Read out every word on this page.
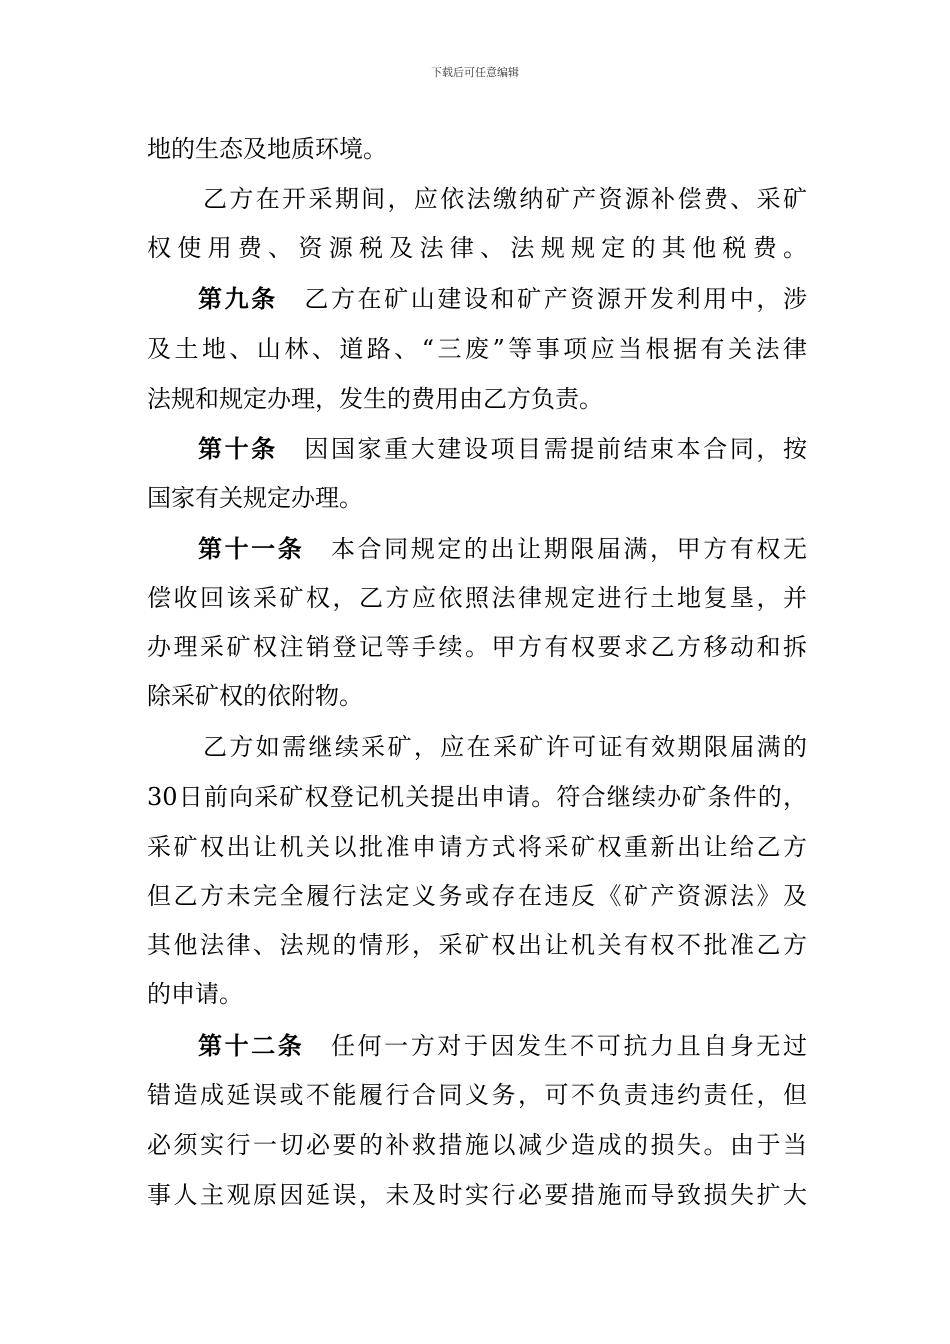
下载后可任意编辑
地的生态及地质环境。
乙方在开采期间，应依法缴纳矿产资源补偿费、采矿
权使用费、资源税及法律、法规规定的其他税费。
第九条　 乙方在矿山建设和矿产资源开发利用中，涉
及土地、山林、道路、“三废”等事项应当根据有关法律
法规和规定办理，发生的费用由乙方负责。
第十条　 因国家重大建设项目需提前结束本合同，按
国家有关规定办理。
第十一条　 本合同规定的出让期限届满，甲方有权无
偿收回该采矿权，乙方应依照法律规定进行土地复垦，并
办理采矿权注销登记等手续。甲方有权要求乙方移动和拆
除采矿权的依附物。
乙方如需继续采矿，应在采矿许可证有效期限届满的
30日前向采矿权登记机关提出申请。符合继续办矿条件的，
采矿权出让机关以批准申请方式将采矿权重新出让给乙方
但乙方未完全履行法定义务或存在违反《矿产资源法》及
其他法律、法规的情形，采矿权出让机关有权不批准乙方
的申请。
第十二条　 任何一方对于因发生不可抗力且自身无过
错造成延误或不能履行合同义务，可不负责违约责任，但
必须实行一切必要的补救措施以减少造成的损失。由于当
事人主观原因延误，未及时实行必要措施而导致损失扩大
